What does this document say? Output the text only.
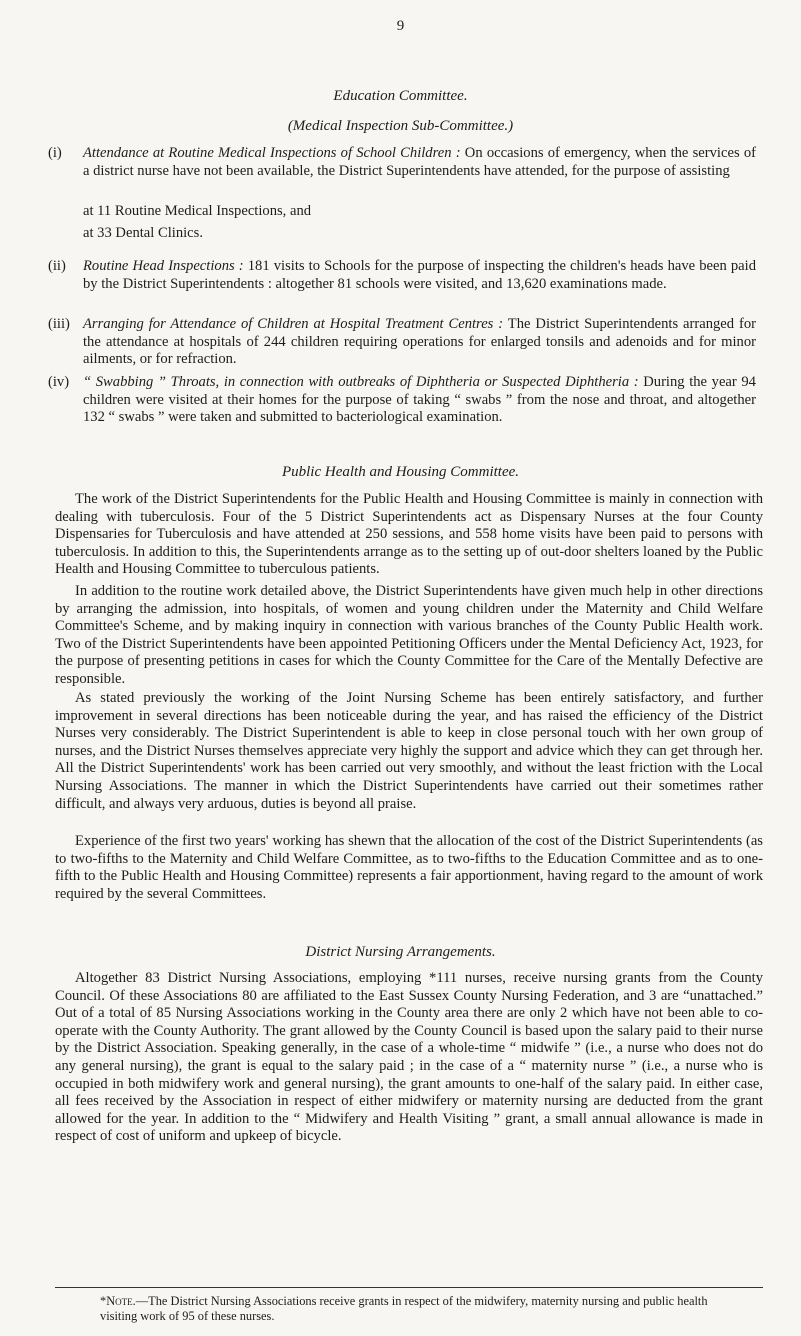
9
Education Committee.
(Medical Inspection Sub-Committee.)
(i) Attendance at Routine Medical Inspections of School Children : On occasions of emergency, when the services of a district nurse have not been available, the District Superintendents have attended, for the purpose of assisting
at 11 Routine Medical Inspections, and
at 33 Dental Clinics.
(ii) Routine Head Inspections : 181 visits to Schools for the purpose of inspecting the children's heads have been paid by the District Superintendents : altogether 81 schools were visited, and 13,620 examinations made.
(iii) Arranging for Attendance of Children at Hospital Treatment Centres : The District Superintendents arranged for the attendance at hospitals of 244 children requiring operations for enlarged tonsils and adenoids and for minor ailments, or for refraction.
(iv) “ Swabbing ” Throats, in connection with outbreaks of Diphtheria or Suspected Diphtheria : During the year 94 children were visited at their homes for the purpose of taking “ swabs ” from the nose and throat, and altogether 132 “ swabs ” were taken and submitted to bacteriological examination.
Public Health and Housing Committee.
The work of the District Superintendents for the Public Health and Housing Committee is mainly in connection with dealing with tuberculosis. Four of the 5 District Superintendents act as Dispensary Nurses at the four County Dispensaries for Tuberculosis and have attended at 250 sessions, and 558 home visits have been paid to persons with tuberculosis. In addition to this, the Superintendents arrange as to the setting up of out-door shelters loaned by the Public Health and Housing Committee to tuberculous patients.
In addition to the routine work detailed above, the District Superintendents have given much help in other directions by arranging the admission, into hospitals, of women and young children under the Maternity and Child Welfare Committee's Scheme, and by making inquiry in connection with various branches of the County Public Health work. Two of the District Superintendents have been appointed Petitioning Officers under the Mental Deficiency Act, 1923, for the purpose of presenting petitions in cases for which the County Committee for the Care of the Mentally Defective are responsible.
As stated previously the working of the Joint Nursing Scheme has been entirely satisfactory, and further improvement in several directions has been noticeable during the year, and has raised the efficiency of the District Nurses very considerably. The District Superintendent is able to keep in close personal touch with her own group of nurses, and the District Nurses themselves appreciate very highly the support and advice which they can get through her. All the District Superintendents' work has been carried out very smoothly, and without the least friction with the Local Nursing Associations. The manner in which the District Superintendents have carried out their sometimes rather difficult, and always very arduous, duties is beyond all praise.
Experience of the first two years' working has shewn that the allocation of the cost of the District Superintendents (as to two-fifths to the Maternity and Child Welfare Committee, as to two-fifths to the Education Committee and as to one-fifth to the Public Health and Housing Committee) represents a fair apportionment, having regard to the amount of work required by the several Committees.
District Nursing Arrangements.
Altogether 83 District Nursing Associations, employing *111 nurses, receive nursing grants from the County Council. Of these Associations 80 are affiliated to the East Sussex County Nursing Federation, and 3 are “unattached.” Out of a total of 85 Nursing Associations working in the County area there are only 2 which have not been able to co-operate with the County Authority. The grant allowed by the County Council is based upon the salary paid to their nurse by the District Association. Speaking generally, in the case of a whole-time “ midwife ” (i.e., a nurse who does not do any general nursing), the grant is equal to the salary paid ; in the case of a “ maternity nurse ” (i.e., a nurse who is occupied in both midwifery work and general nursing), the grant amounts to one-half of the salary paid. In either case, all fees received by the Association in respect of either midwifery or maternity nursing are deducted from the grant allowed for the year. In addition to the “ Midwifery and Health Visiting ” grant, a small annual allowance is made in respect of cost of uniform and upkeep of bicycle.
*Note.—The District Nursing Associations receive grants in respect of the midwifery, maternity nursing and public health visiting work of 95 of these nurses.
